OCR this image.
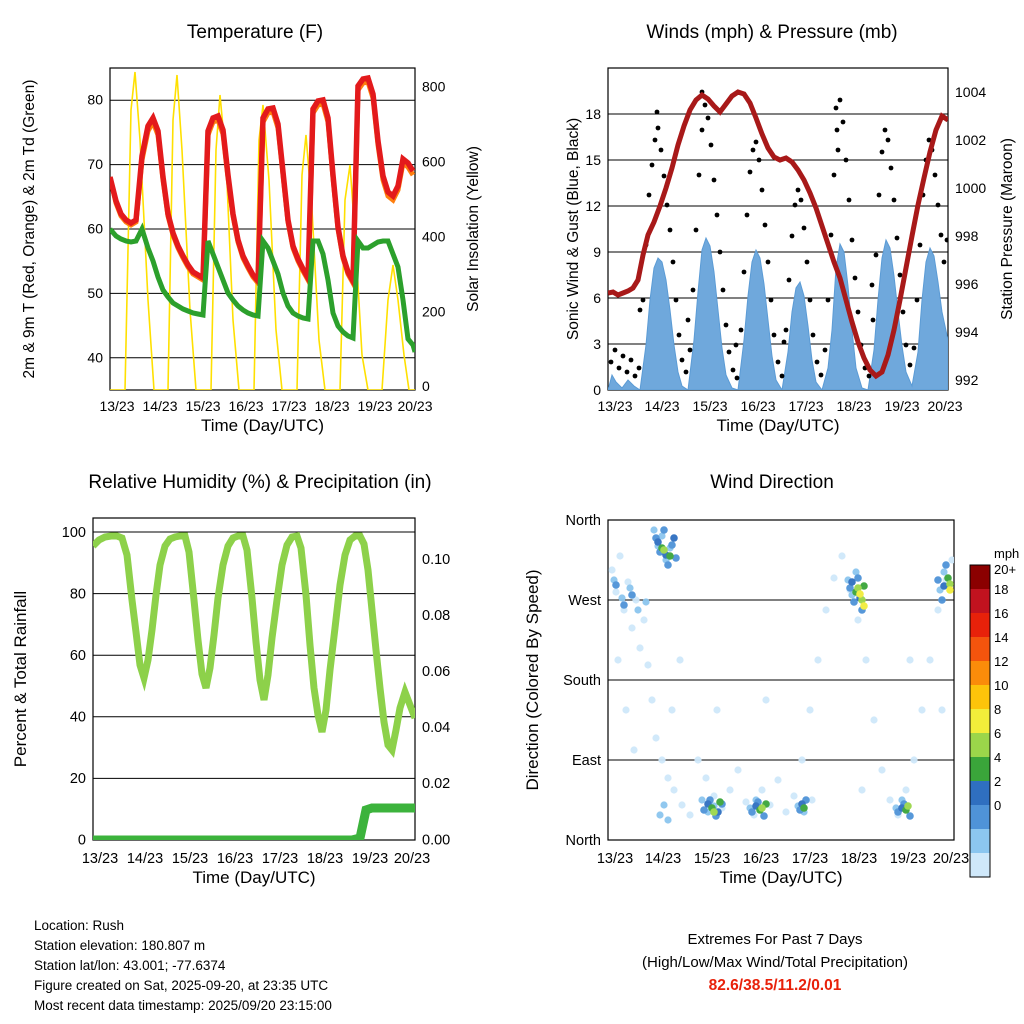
Temperature (F)
40
50
60
70
80
0
200
400
600
800
13/23 14/23 15/23 16/23 17/23 18/23 19/23 20/23
2m & 9m T (Red, Orange) & 2m Td (Green)	Solar Insolation (Yellow)
Time (Day/UTC)
Winds (mph) & Pressure (mb)
0
3
6
9
12
15
18
992
994
996
998
1000
1002
1004
13/23 14/23 15/23 16/23 17/23 18/23 19/23 20/23
Sonic Wind & Gust (Blue, Black)	Station Pressure (Maroon)
Time (Day/UTC)
Relative Humidity (%) & Precipitation (in)
0
20
40
60
80
100
0.00
0.02
0.04
0.06
0.08
0.10
13/23 14/23 15/23 16/23 17/23 18/23 19/23 20/23
Percent & Total Rainfall
Time (Day/UTC)
Wind Direction
North
West
South
East
North
13/23 14/23 15/23 16/23 17/23 18/23 19/23 20/23
Direction (Colored By Speed)
mph
20+
18
16
14
12
10
8
6
4
2
0
Time (Day/UTC)
Location: Rush
Station elevation: 180.807 m
Station lat/lon: 43.001; -77.6374
Figure created on Sat, 2025-09-20, at 23:35 UTC
Most recent data timestamp: 2025/09/20 23:15:00
Extremes For Past 7 Days
(High/Low/Max Wind/Total Precipitation)
82.6/38.5/11.2/0.01
